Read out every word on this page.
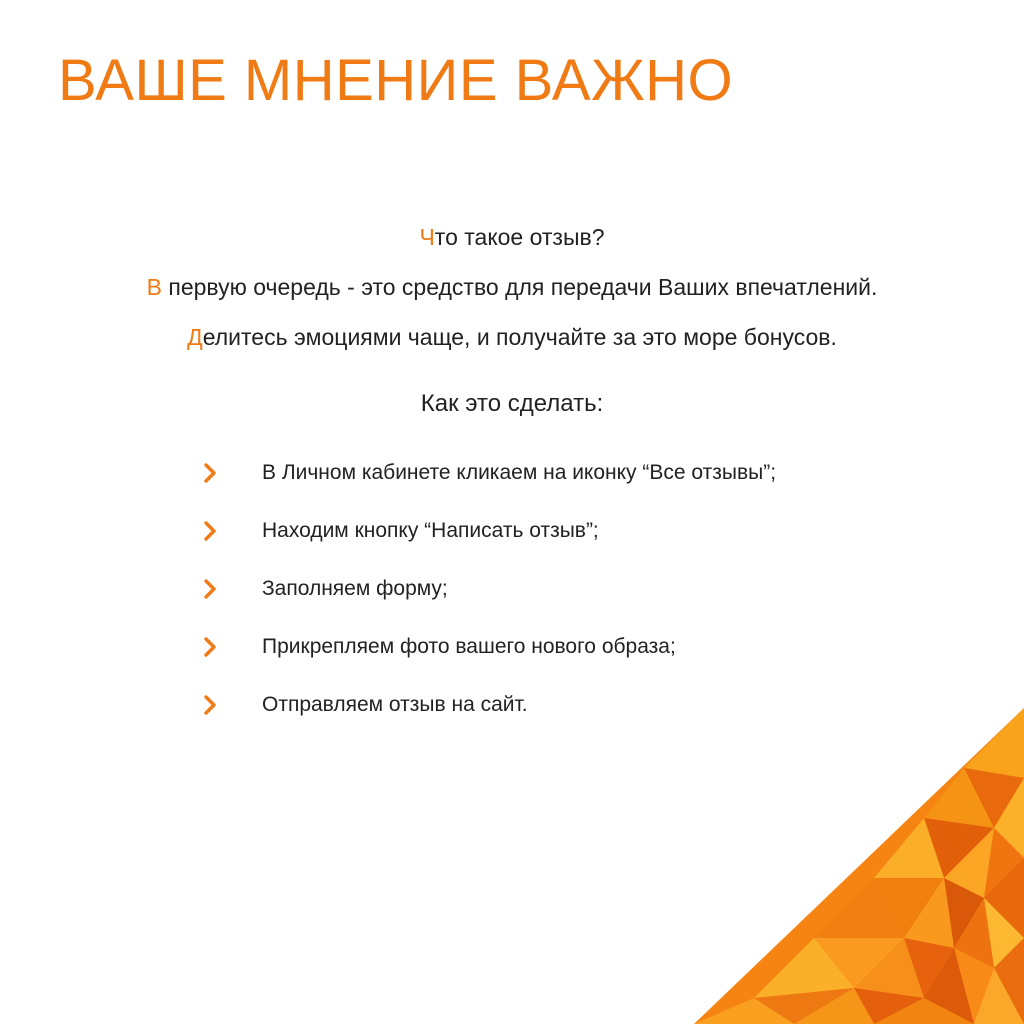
ВАШЕ МНЕНИЕ ВАЖНО

Что такое отзыв?

В первую очередь - это средство для передачи Ваших впечатлений.

Делитесь эмоциями чаще, и получайте за это море бонусов.

Как это сделать:
В Личном кабинете кликаем на иконку “Все отзывы”;
Находим кнопку “Написать отзыв”;
Заполняем форму;
Прикрепляем фото вашего нового образа;
Отправляем отзыв на сайт.
